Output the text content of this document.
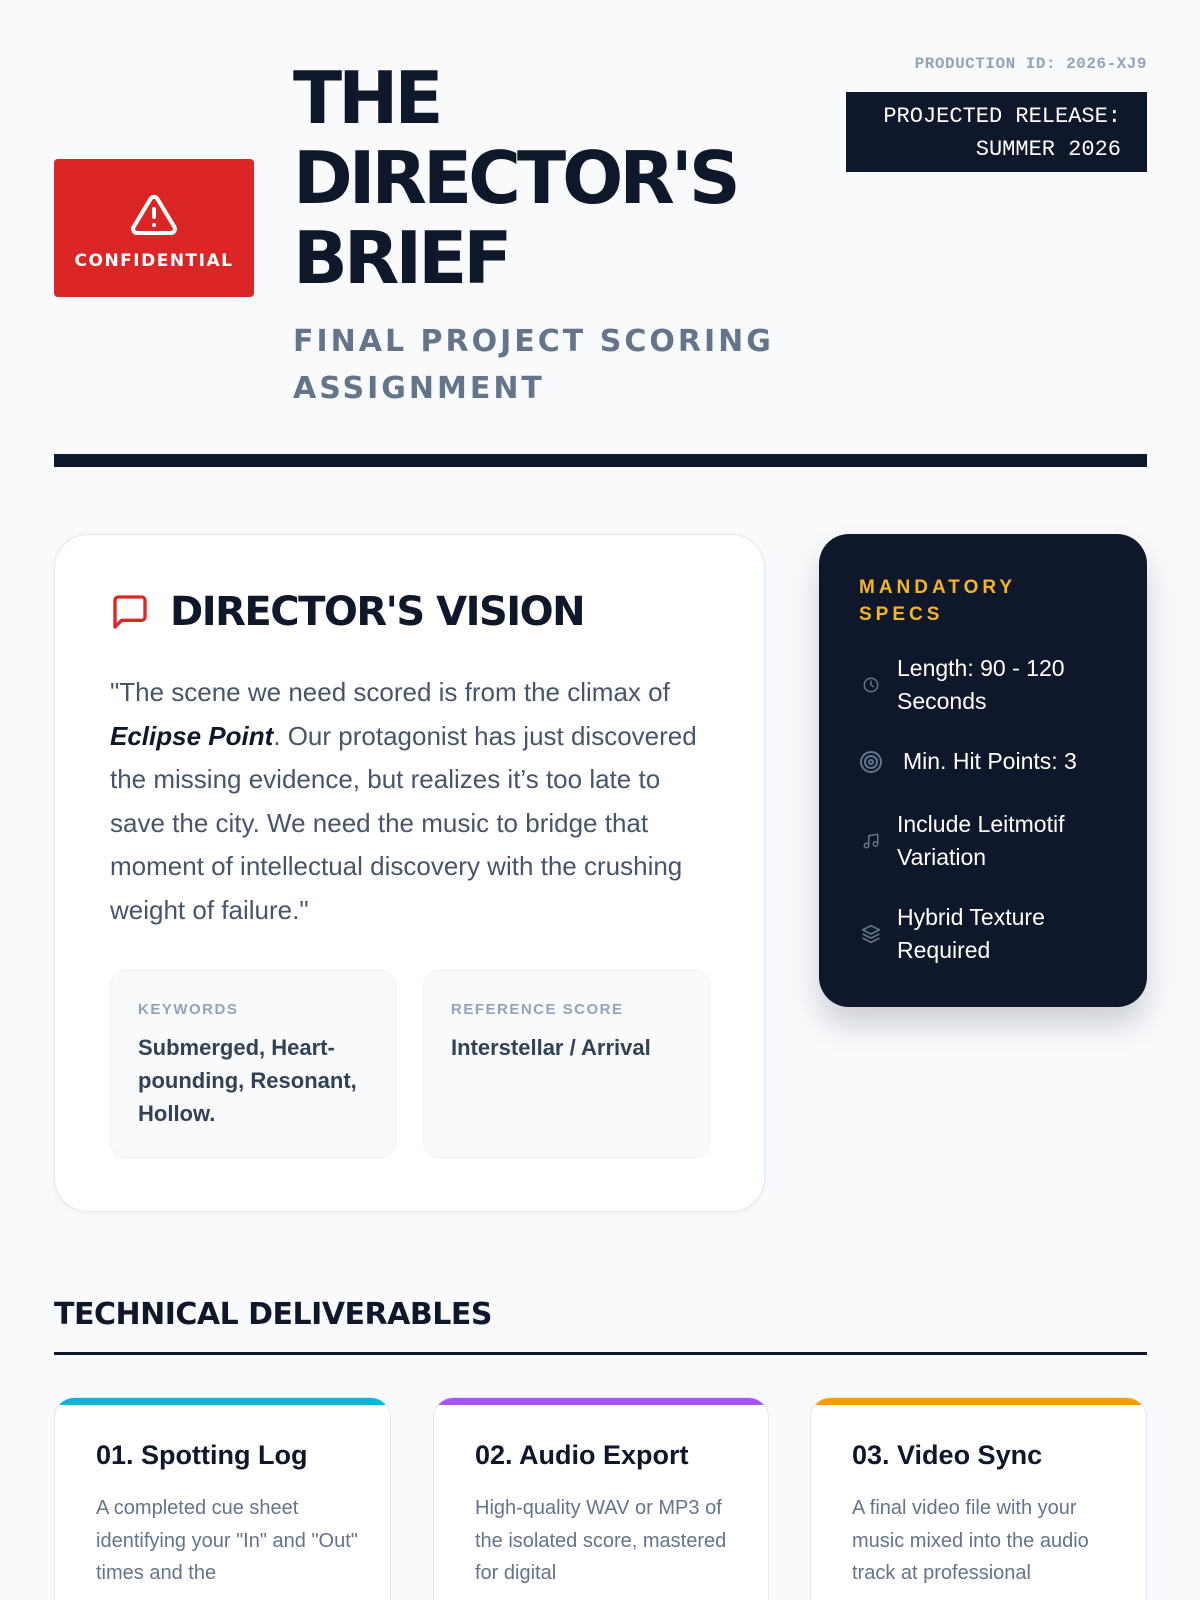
CONFIDENTIAL
THE
DIRECTOR'S
BRIEF
FINAL PROJECT SCORING ASSIGNMENT
PRODUCTION ID: 2026-XJ9
PROJECTED RELEASE:
SUMMER 2026
DIRECTOR'S VISION

"The scene we need scored is from the climax of Eclipse Point. Our protagonist has just discovered the missing evidence, but realizes it’s too late to save the city. We need the music to bridge that moment of intellectual discovery with the crushing weight of failure."

KEYWORDS
Submerged, Heart-pounding, Resonant, Hollow.
REFERENCE SCORE
Interstellar / Arrival
MANDATORY SPECS
Length: 90 - 120 Seconds
Min. Hit Points: 3
Include Leitmotif Variation
Hybrid Texture Required
TECHNICAL DELIVERABLES
01. Spotting Log
A completed cue sheet identifying your "In" and "Out" times and the
02. Audio Export
High-quality WAV or MP3 of the isolated score, mastered for digital
03. Video Sync
A final video file with your music mixed into the audio track at professional
